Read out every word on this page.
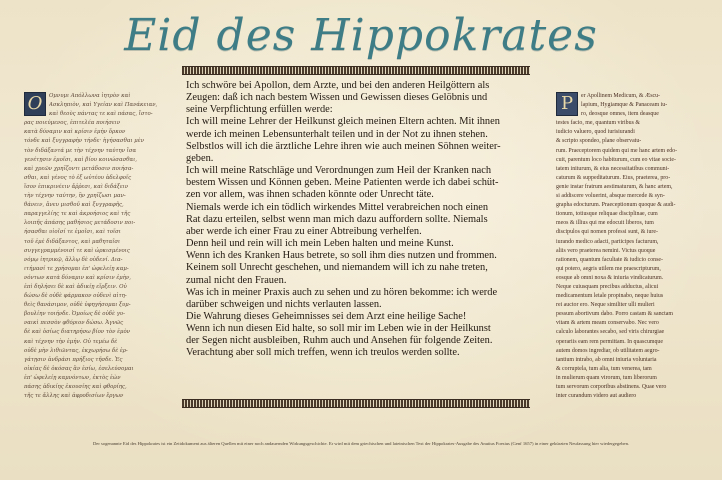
Eid des Hippokrates
O	Ομνυμι Απόλλωνα ἰητρὸν καὶ
Ασκληπιὸν, καὶ Υγείαν καὶ Πανάκειαν,
καὶ θεοὺς πάντας τε καὶ πάσας, ἵστο-
ρας ποιεύμενος, ἐπιτελέα ποιήσειν
κατὰ δύναμιν καὶ κρίσιν ἐμὴν ὅρκον
τόνδε καὶ ξυγγραφὴν τήνδε· ἡγήσασθαι μὲν
τὸν διδάξαντά με τὴν τέχνην ταύτην ἴσα
γενέτῃσιν ἐμοῖσι, καὶ βίου κοινώσασθαι,
καὶ χρεῶν χρηΐζοντι μετάδοσιν ποιήσα-
σθαι, καὶ γένος τὸ ἐξ ωὐτέου ἀδελφοῖς
ἴσον ἐπικρινέειν ἄῤῥεσι, καὶ διδάξειν
τὴν τέχνην ταύτην, ἢν χρηΐζωσι μαν-
θάνειν, ἄνευ μισθοῦ καὶ ξυγγραφῆς,
παραγγελίης τε καὶ ἀκροήσιος καὶ τῆς
λοιπῆς ἁπάσης μαθήσιος μετάδοσιν ποι-
ήσασθαι υἱοῖσί τε ἐμοῖσι, καὶ τοῖσι
τοῦ ἐμὲ διδάξαντος, καὶ μαθηταῖσι
συγγεγραμμένοισί τε καὶ ὡρκισμένοις
νόμῳ ἰητρικῷ, ἄλλῳ δὲ οὐδενί. Δια-
ιτήμασί τε χρήσομαι ἐπ' ὠφελείῃ καμ-
νόντων κατὰ δύναμιν καὶ κρίσιν ἐμὴν,
ἐπὶ δηλήσει δὲ καὶ ἀδικίῃ εἴρξειν. Οὐ
δώσω δὲ οὐδὲ φάρμακον οὐδενὶ αἰτη-
θεὶς θανάσιμον, οὐδὲ ὑφηγήσομαι ξυμ-
βουλίην τοιήνδε. Ὁμοίως δὲ οὐδὲ γυ-
ναικὶ πεσσὸν φθόριον δώσω. Ἁγνῶς
δὲ καὶ ὁσίως διατηρήσω βίον τὸν ἐμὸν
καὶ τέχνην τὴν ἐμήν. Οὐ τεμέω δὲ
οὐδὲ μὴν λιθιῶντας, ἐκχωρήσω δὲ ἐρ-
γάτῃσιν ἀνδράσι πρήξιος τῆσδε. Ἐς
οἰκίας δὲ ὁκόσας ἂν ἐσίω, ἐσελεύσομαι
ἐπ' ὠφελείῃ καμνόντων, ἐκτὸς ἐὼν
πάσης ἀδικίης ἑκουσίης καὶ φθορίης,
τῆς τε ἄλλης καὶ ἀφροδισίων ἔργων

Ich schwöre bei Apollon, dem Arzte, und bei den anderen Heilgöttern als

Zeugen: daß ich nach bestem Wissen und Gewissen dieses Gelöbnis und

seine Verpflichtung erfüllen werde:

Ich will meine Lehrer der Heilkunst gleich meinen Eltern achten. Mit ihnen

werde ich meinen Lebensunterhalt teilen und in der Not zu ihnen stehen.

Selbstlos will ich die ärztliche Lehre ihren wie auch meinen Söhnen weiter-

geben.

Ich will meine Ratschläge und Verordnungen zum Heil der Kranken nach

bestem Wissen und Können geben. Meine Patienten werde ich dabei schüt-

zen vor allem, was ihnen schaden könnte oder Unrecht täte.

Niemals werde ich ein tödlich wirkendes Mittel verabreichen noch einen

Rat dazu erteilen, selbst wenn man mich dazu auffordern sollte. Niemals

aber werde ich einer Frau zu einer Abtreibung verhelfen.

Denn heil und rein will ich mein Leben halten und meine Kunst.

Wenn ich des Kranken Haus betrete, so soll ihm dies nutzen und frommen.

Keinem soll Unrecht geschehen, und niemandem will ich zu nahe treten,

zumal nicht den Frauen.

Was ich in meiner Praxis auch zu sehen und zu hören bekomme: ich werde

darüber schweigen und nichts verlauten lassen.

Die Wahrung dieses Geheimnisses sei dem Arzt eine heilige Sache!

Wenn ich nun diesen Eid halte, so soll mir im Leben wie in der Heilkunst

der Segen nicht ausbleiben, Ruhm auch und Ansehen für folgende Zeiten.

Verachtung aber soll mich treffen, wenn ich treulos werden sollte.

P	er Apollinem Medicum, & Æscu-
lapium, Hygiamque & Panaceam iu-
ro, deosque omnes, item deasque
testes facio, me, quantum viribus &
iudicio valuero, quod iurisiurandi
& scripto spondeo, plane observatu-
rum. Praeceptorem quidem qui me hanc artem edo-
cuit, parentum loco habiturum, cum eo vitae socie-
tatem initurum, & eius necessitatibus communi-
caturum & suppeditaturum. Eius, praeterea, pro-
genie instar fratrum aestimaturum, & hanc artem,
si addiscere voluerint, absque mercede & syn-
grapha edocturum. Praeceptionum quoque & audi-
tionum, totiusque reliquae disciplinae, cum
meos & illius qui me edocuit liberos, tum
discipulos qui nomen professi sunt, & iure-
iurando medico adacti, participes facturum,
aliis vero praeterea nemini. Victus quoque
rationem, quantum facultate & iudicio conse-
qui potero, aegris utilem me praescripturum,
eosque ab omni noxa & iniuria vindicaturum.
Neque cuiusquam precibus adductus, alicui
medicamentum letale propinabo, neque huius
rei auctor ero. Neque similiter ulli mulieri
pessum abortivum dabo. Porro castam & sanctam
vitam & artem meam conservabo. Nec vero
calculo laborantes secabo, sed viris chirurgiae
operariis eam rem permittam. In quascumque
autem domos ingrediar, ob utilitatem aegro-
tantium intrabo, ab omni iniuria voluntaria
& corruptela, tum alia, tum venerea, tam
in mulierum quam virorum, tum liberorum
tum servorum corporibus abstinens. Quae vero
inter curandum videro aut audiero
Der sogenannte Eid des Hippokrates ist ein Zeitdokument aus älteren Quellen mit einer noch andauernden Wirkungsgeschichte. Er wird mit dem griechischen und lateinischen Text der Hippokrates-Ausgabe des Anutius Foesius (Genf 1657) in einer gekürzten Neufassung hier wiedergegeben.
